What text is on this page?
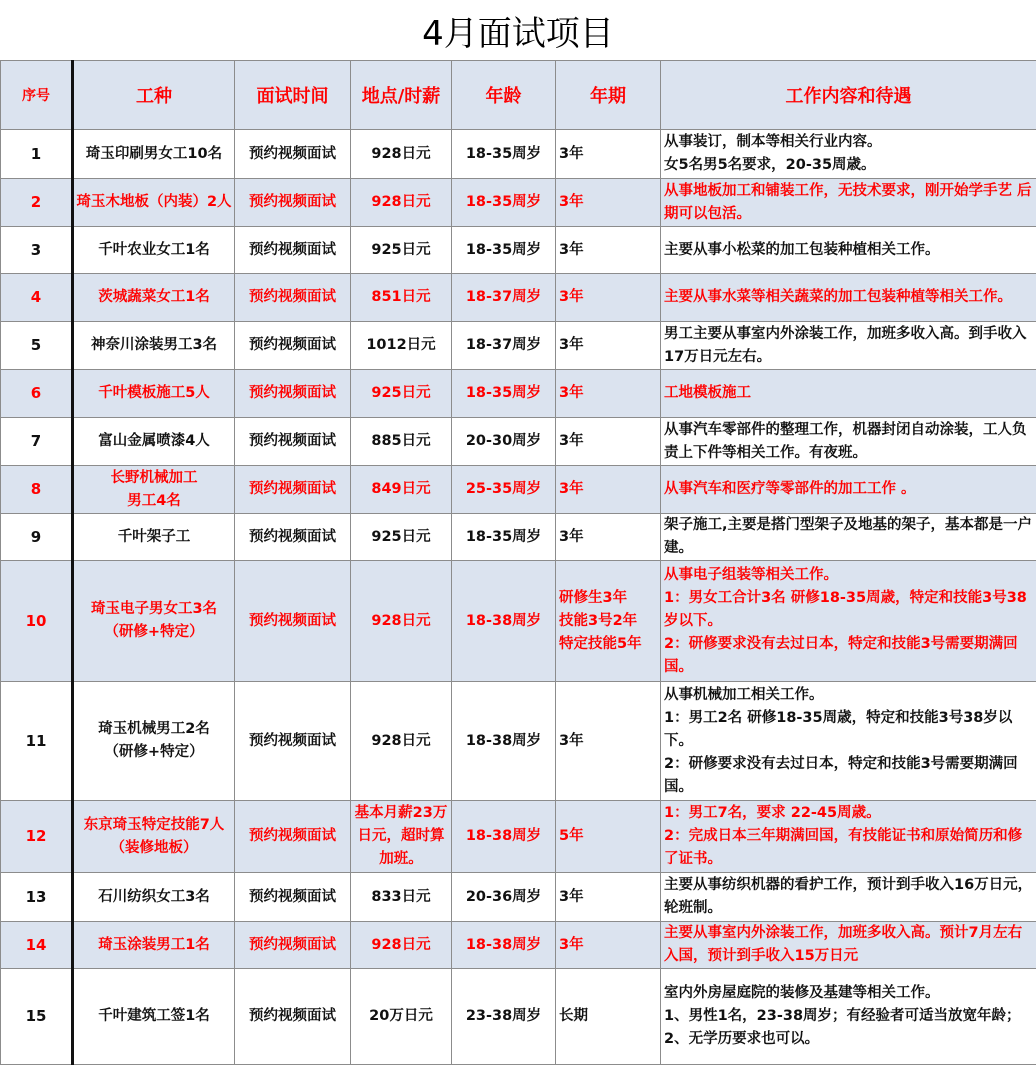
4月面试项目
序号	工种	面试时间	地点/时薪	年龄	年期	工作内容和待遇
1	琦玉印刷男女工10名	预约视频面试	928日元	18-35周岁	3年	从事装订，制本等相关行业内容。
女5名男5名要求，20-35周歳。
2	琦玉木地板（内装）2人	预约视频面试	928日元	18-35周岁	3年	从事地板加工和铺装工作，无技术要求，刚开始学手艺 后期可以包活。
3	千叶农业女工1名	预约视频面试	925日元	18-35周岁	3年	主要从事小松菜的加工包装种植相关工作。
4	茨城蔬菜女工1名	预约视频面试	851日元	18-37周岁	3年	主要从事水菜等相关蔬菜的加工包装种植等相关工作。
5	神奈川涂装男工3名	预约视频面试	1012日元	18-37周岁	3年	男工主要从事室内外涂装工作，加班多收入高。到手收入17万日元左右。
6	千叶模板施工5人	预约视频面试	925日元	18-35周岁	3年	工地模板施工
7	富山金属喷漆4人	预约视频面试	885日元	20-30周岁	3年	从事汽车零部件的整理工作，机器封闭自动涂装，工人负责上下件等相关工作。有夜班。
8	长野机械加工
男工4名	预约视频面试	849日元	25-35周岁	3年	从事汽车和医疗等零部件的加工工作 。
9	千叶架子工	预约视频面试	925日元	18-35周岁	3年	架子施工,主要是搭门型架子及地基的架子，基本都是一户建。
10	琦玉电子男女工3名
（研修+特定）	预约视频面试	928日元	18-38周岁	研修生3年
技能3号2年
特定技能5年	从事电子组装等相关工作。
1：男女工合计3名 研修18-35周歳，特定和技能3号38岁以下。
2：研修要求没有去过日本，特定和技能3号需要期满回国。
11	琦玉机械男工2名
（研修+特定）	预约视频面试	928日元	18-38周岁	3年	从事机械加工相关工作。
1：男工2名 研修18-35周歳，特定和技能3号38岁以下。
2：研修要求没有去过日本，特定和技能3号需要期满回国。
12	东京琦玉特定技能7人
（装修地板）	预约视频面试	基本月薪23万日元，超时算加班。	18-38周岁	5年	1：男工7名，要求 22-45周歳。
2：完成日本三年期满回国，有技能证书和原始简历和修了证书。
13	石川纺织女工3名	预约视频面试	833日元	20-36周岁	3年	主要从事纺织机器的看护工作，预计到手收入16万日元，轮班制。
14	琦玉涂装男工1名	预约视频面试	928日元	18-38周岁	3年	主要从事室内外涂装工作，加班多收入高。预计7月左右入国，预计到手收入15万日元
15	千叶建筑工签1名	预约视频面试	20万日元	23-38周岁	长期	室内外房屋庭院的装修及基建等相关工作。
1、男性1名，23-38周岁；有经验者可适当放宽年龄；
2、无学历要求也可以。
